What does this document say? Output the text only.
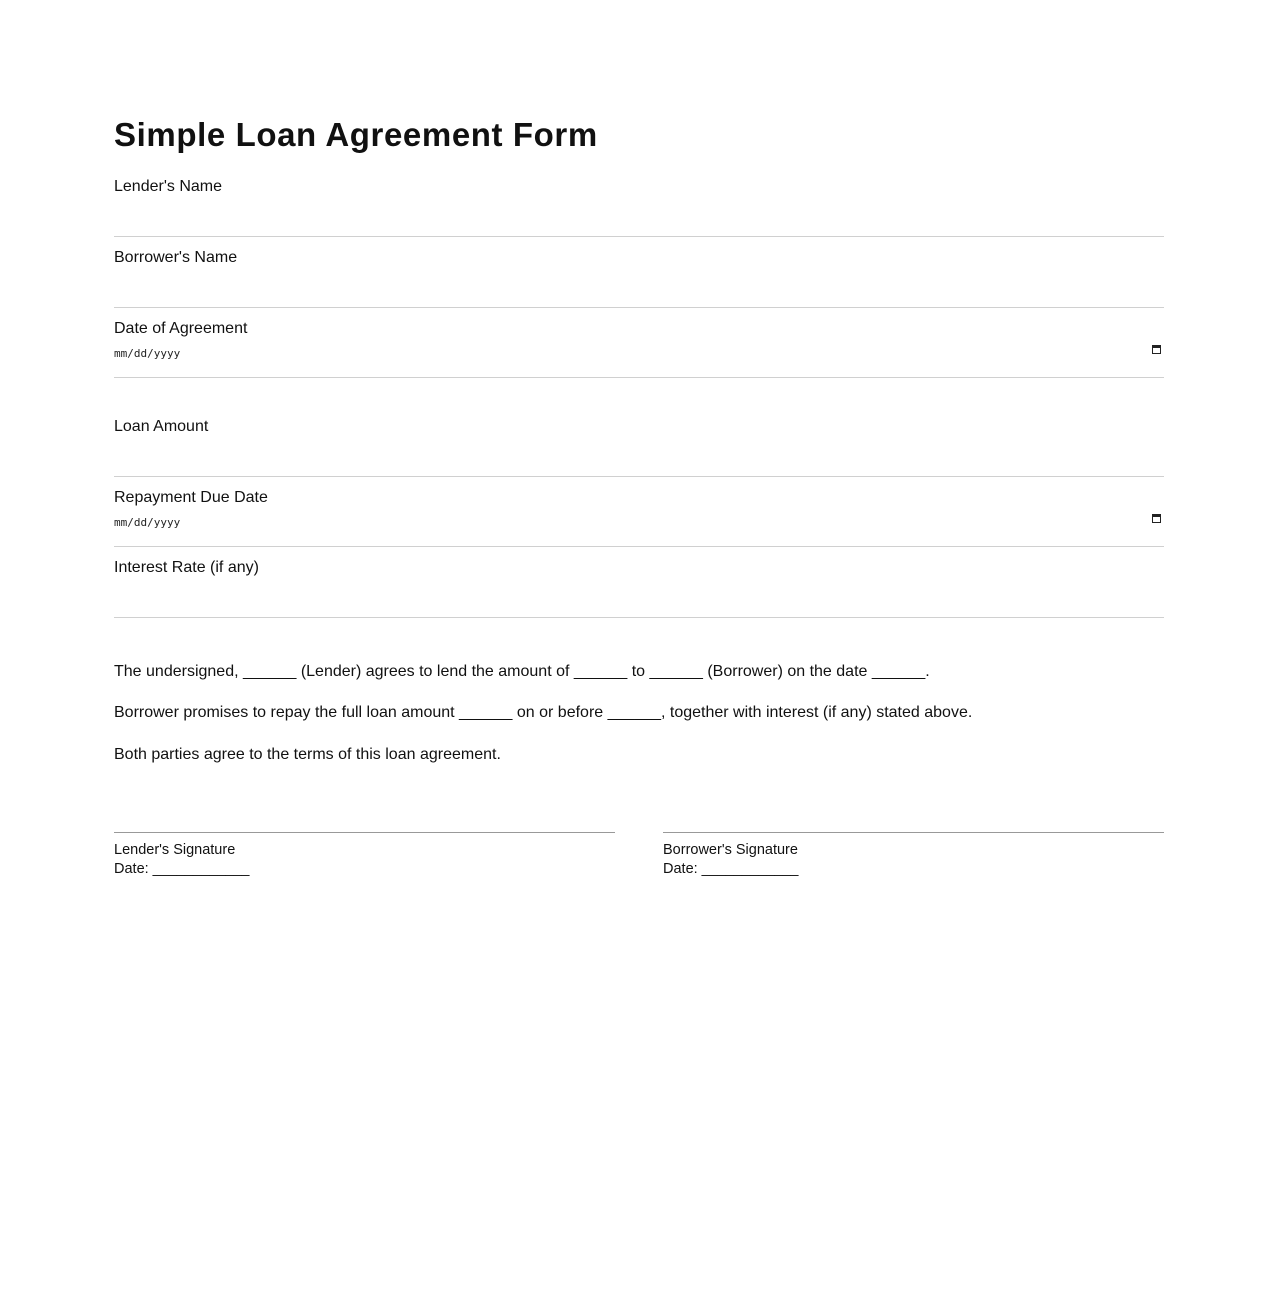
Simple Loan Agreement Form
Lender's Name
Borrower's Name
Date of Agreement
mm/dd/yyyy
Loan Amount
Repayment Due Date
mm/dd/yyyy
Interest Rate (if any)

The undersigned, ______ (Lender) agrees to lend the amount of ______ to ______ (Borrower) on the date ______.

Borrower promises to repay the full loan amount ______ on or before ______, together with interest (if any) stated above.

Both parties agree to the terms of this loan agreement.

Lender's Signature
Date: ____________
Borrower's Signature
Date: ____________
